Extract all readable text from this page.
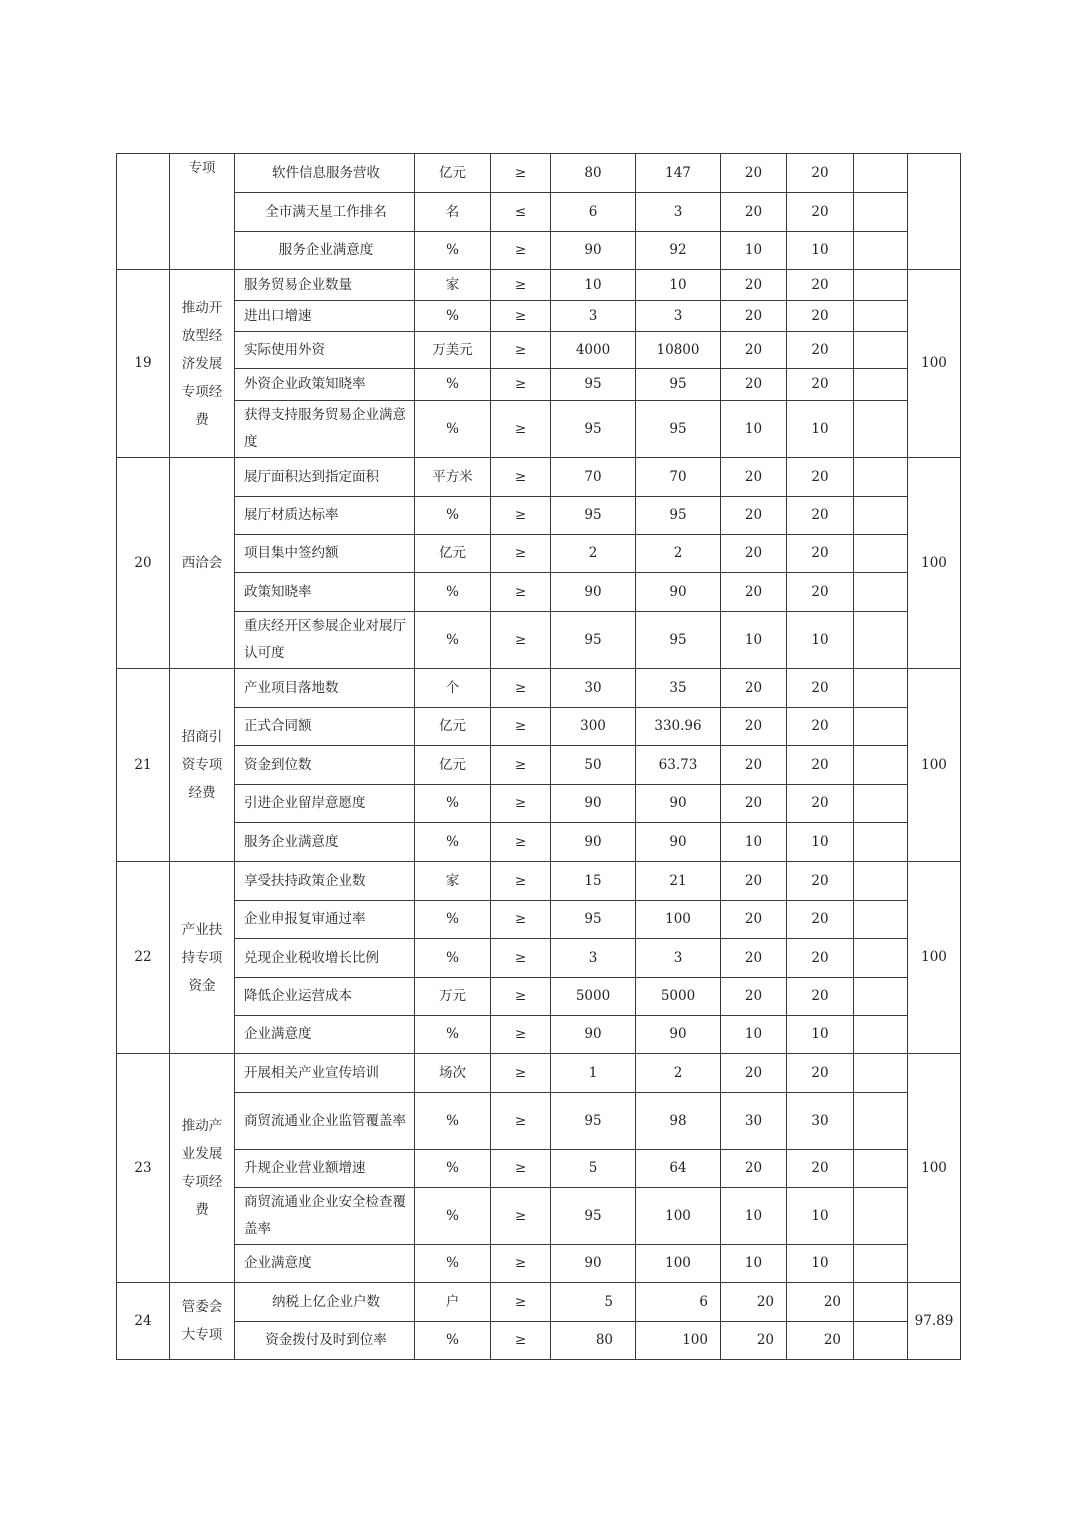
	专项	软件信息服务营收	亿元	≥	80	147	20	20		
		全市满天星工作排名	名	≤	6	3	20	20		
		服务企业满意度	%	≥	90	92	10	10		
19	推动开放型经济发展专项经费	服务贸易企业数量	家	≥	10	10	20	20		100
		进出口增速	%	≥	3	3	20	20		
		实际使用外资	万美元	≥	4000	10800	20	20		
		外资企业政策知晓率	%	≥	95	95	20	20		
		获得支持服务贸易企业满意度	%	≥	95	95	10	10		
20	西洽会	展厅面积达到指定面积	平方米	≥	70	70	20	20		100
		展厅材质达标率	%	≥	95	95	20	20		
		项目集中签约额	亿元	≥	2	2	20	20		
		政策知晓率	%	≥	90	90	20	20		
		重庆经开区参展企业对展厅认可度	%	≥	95	95	10	10		
21	招商引资专项经费	产业项目落地数	个	≥	30	35	20	20		100
		正式合同额	亿元	≥	300	330.96	20	20		
		资金到位数	亿元	≥	50	63.73	20	20		
		引进企业留岸意愿度	%	≥	90	90	20	20		
		服务企业满意度	%	≥	90	90	10	10		
22	产业扶持专项资金	享受扶持政策企业数	家	≥	15	21	20	20		100
		企业申报复审通过率	%	≥	95	100	20	20		
		兑现企业税收增长比例	%	≥	3	3	20	20		
		降低企业运营成本	万元	≥	5000	5000	20	20		
		企业满意度	%	≥	90	90	10	10		
23	推动产业发展专项经费	开展相关产业宣传培训	场次	≥	1	2	20	20		100
		商贸流通业企业监管覆盖率	%	≥	95	98	30	30		
		升规企业营业额增速	%	≥	5	64	20	20		
		商贸流通业企业安全检查覆盖率	%	≥	95	100	10	10		
		企业满意度	%	≥	90	100	10	10		
24	管委会大专项	纳税上亿企业户数	户	≥	5	6	20	20		97.89
		资金拨付及时到位率	%	≥	80	100	20	20		
